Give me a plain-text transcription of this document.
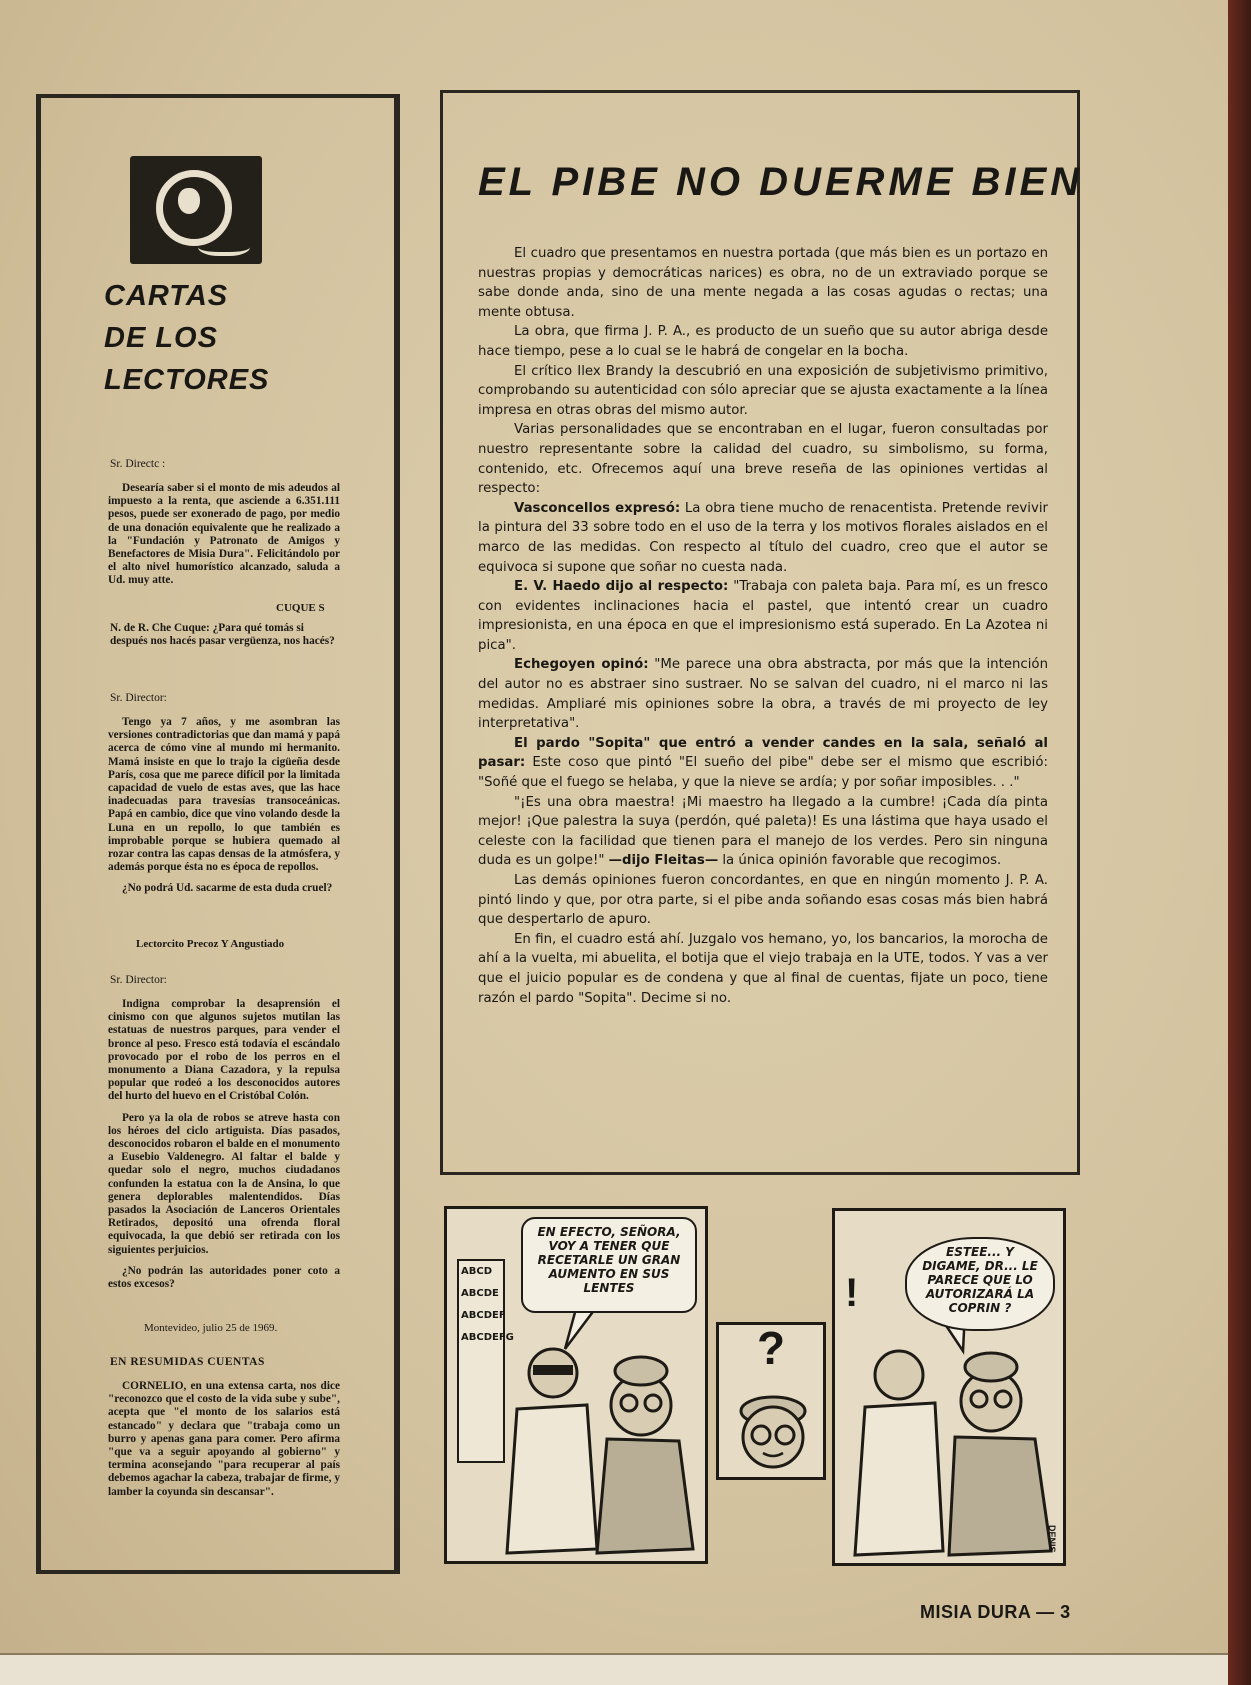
CARTAS
DE LOS
LECTORES
Sr. Directc :

Desearía saber si el monto de mis adeudos al impuesto a la renta, que asciende a 6.351.111 pesos, puede ser exonerado de pago, por medio de una donación equivalente que he realizado a la "Fundación y Patronato de Amigos y Benefactores de Misia Dura". Felicitándolo por el alto nivel humorístico alcanzado, saluda a Ud. muy atte.

CUQUE S
N. de R. Che Cuque: ¿Para qué tomás si después nos hacés pasar vergüenza, nos hacés?
Sr. Director:

Tengo ya 7 años, y me asombran las versiones contradictorias que dan mamá y papá acerca de cómo vine al mundo mi hermanito. Mamá insiste en que lo trajo la cigüeña desde París, cosa que me parece difícil por la limitada capacidad de vuelo de estas aves, que las hace inadecuadas para travesías transoceánicas. Papá en cambio, dice que vino volando desde la Luna en un repollo, lo que también es improbable porque se hubiera quemado al rozar contra las capas densas de la atmósfera, y además porque ésta no es época de repollos.

¿No podrá Ud. sacarme de esta duda cruel?

Lectorcito Precoz Y Angustiado
Sr. Director:

Indigna comprobar la desaprensión el cinismo con que algunos sujetos mutilan las estatuas de nuestros parques, para vender el bronce al peso. Fresco está todavía el escándalo provocado por el robo de los perros en el monumento a Diana Cazadora, y la repulsa popular que rodeó a los desconocidos autores del hurto del huevo en el Cristóbal Colón.

Pero ya la ola de robos se atreve hasta con los héroes del ciclo artiguista. Días pasados, desconocidos robaron el balde en el monumento a Eusebio Valdenegro. Al faltar el balde y quedar solo el negro, muchos ciudadanos confunden la estatua con la de Ansina, lo que genera deplorables malentendidos. Días pasados la Asociación de Lanceros Orientales Retirados, depositó una ofrenda floral equivocada, la que debió ser retirada con los siguientes perjuicios.

¿No podrán las autoridades poner coto a estos excesos?

Montevideo, julio 25 de 1969.
EN RESUMIDAS CUENTAS

CORNELIO, en una extensa carta, nos dice "reconozco que el costo de la vida sube y sube", acepta que "el monto de los salarios está estancado" y declara que "trabaja como un burro y apenas gana para comer. Pero afirma "que va a seguir apoyando al gobierno" y termina aconsejando "para recuperar al país debemos agachar la cabeza, trabajar de firme, y lamber la coyunda sin descansar".

EL PIBE NO DUERME BIEN

El cuadro que presentamos en nuestra portada (que más bien es un portazo en nuestras propias y democráticas narices) es obra, no de un extraviado porque se sabe donde anda, sino de una mente negada a las cosas agudas o rectas; una mente obtusa.

La obra, que firma J. P. A., es producto de un sueño que su autor abriga desde hace tiempo, pese a lo cual se le habrá de congelar en la bocha.

El crítico Ilex Brandy la descubrió en una exposición de subjetivismo primitivo, comprobando su autenticidad con sólo apreciar que se ajusta exactamente a la línea impresa en otras obras del mismo autor.

Varias personalidades que se encontraban en el lugar, fueron consultadas por nuestro representante sobre la calidad del cuadro, su simbolismo, su forma, contenido, etc. Ofrecemos aquí una breve reseña de las opiniones vertidas al respecto:

Vasconcellos expresó: La obra tiene mucho de renacentista. Pretende revivir la pintura del 33 sobre todo en el uso de la terra y los motivos florales aislados en el marco de las medidas. Con respecto al título del cuadro, creo que el autor se equivoca si supone que soñar no cuesta nada.

E. V. Haedo dijo al respecto: "Trabaja con paleta baja. Para mí, es un fresco con evidentes inclinaciones hacia el pastel, que intentó crear un cuadro impresionista, en una época en que el impresionismo está superado. En La Azotea ni pica".

Echegoyen opinó: "Me parece una obra abstracta, por más que la intención del autor no es abstraer sino sustraer. No se salvan del cuadro, ni el marco ni las medidas. Ampliaré mis opiniones sobre la obra, a través de mi proyecto de ley interpretativa".

El pardo "Sopita" que entró a vender candes en la sala, señaló al pasar: Este coso que pintó "El sueño del pibe" debe ser el mismo que escribió: "Soñé que el fuego se helaba, y que la nieve se ardía; y por soñar imposibles. . ."

"¡Es una obra maestra! ¡Mi maestro ha llegado a la cumbre! ¡Cada día pinta mejor! ¡Que palestra la suya (perdón, qué paleta)! Es una lástima que haya usado el celeste con la facilidad que tienen para el manejo de los verdes. Pero sin ninguna duda es un golpe!" —dijo Fleitas— la única opinión favorable que recogimos.

Las demás opiniones fueron concordantes, en que en ningún momento J. P. A. pintó lindo y que, por otra parte, si el pibe anda soñando esas cosas más bien habrá que despertarlo de apuro.

En fin, el cuadro está ahí. Juzgalo vos hemano, yo, los bancarios, la morocha de ahí a la vuelta, mi abuelita, el botija que el viejo trabaja en la UTE, todos. Y vas a ver que el juicio popular es de condena y que al final de cuentas, fijate un poco, tiene razón el pardo "Sopita". Decime si no.

ABCD
ABCDE
ABCDEF
ABCDEFG
EN EFECTO, SEÑORA, VOY A TENER QUE RECETARLE UN GRAN AUMENTO EN SUS LENTES
?
!
ESTEE... Y DIGAME, DR... LE PARECE QUE LO AUTORIZARÁ LA COPRIN ?
DENIS
MISIA DURA — 3
